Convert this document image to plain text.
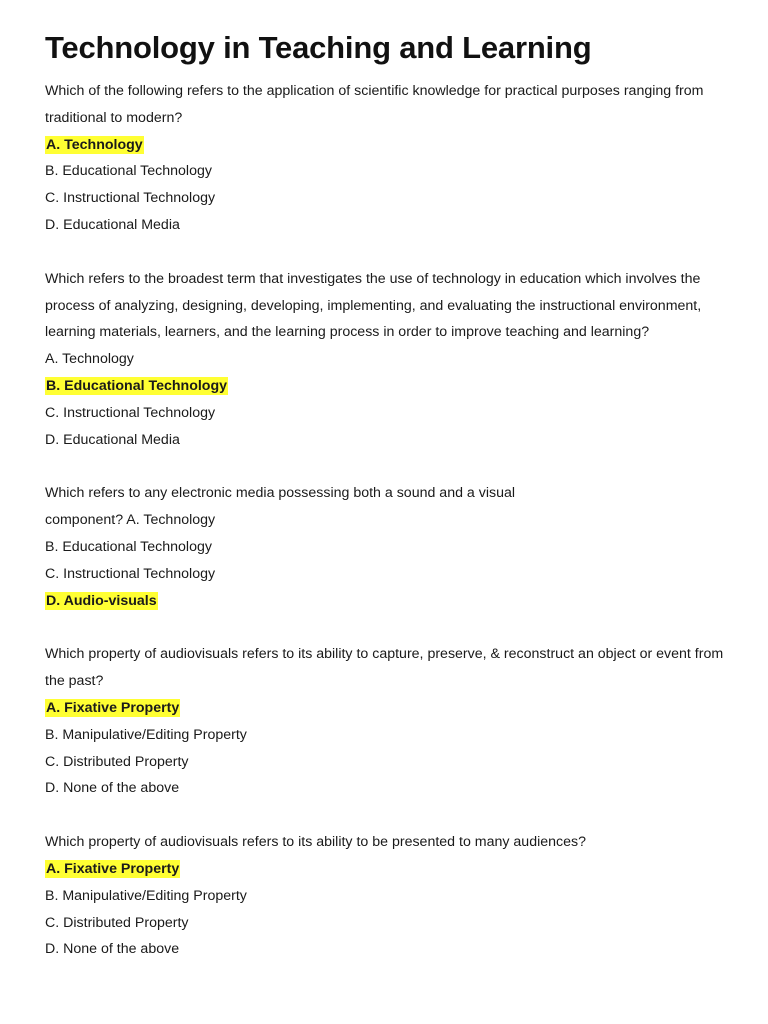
Technology in Teaching and Learning

Which of the following refers to the application of scientific knowledge for practical purposes ranging from traditional to modern?

A. Technology
B. Educational Technology
C. Instructional Technology
D. Educational Media

Which refers to the broadest term that investigates the use of technology in education which involves the process of analyzing, designing, developing, implementing, and evaluating the instructional environment, learning materials, learners, and the learning process in order to improve teaching and learning?

A. Technology
B. Educational Technology
C. Instructional Technology
D. Educational Media
Which refers to any electronic media possessing both a sound and a visual
component? A. Technology
B. Educational Technology
C. Instructional Technology
D. Audio-visuals

Which property of audiovisuals refers to its ability to capture, preserve, & reconstruct an object or event from the past?

A. Fixative Property
B. Manipulative/Editing Property
C. Distributed Property
D. None of the above

Which property of audiovisuals refers to its ability to be presented to many audiences?

A. Fixative Property
B. Manipulative/Editing Property
C. Distributed Property
D. None of the above
